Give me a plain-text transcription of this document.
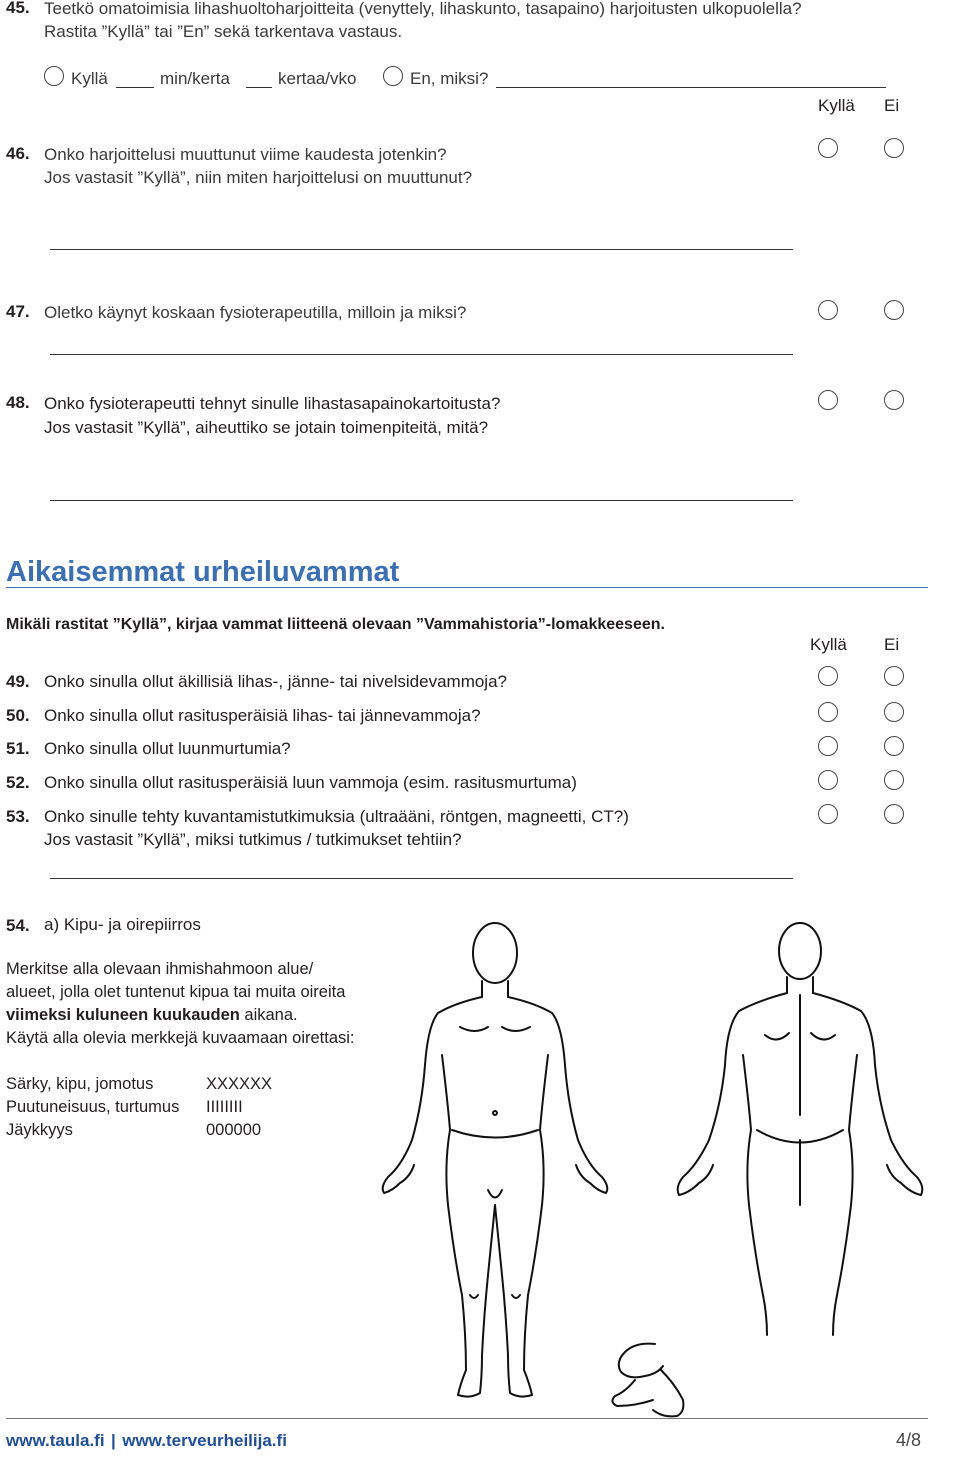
45. Teetkö omatoimisia lihashuoltoharjoitteita (venyttely, lihaskunto, tasapaino) harjoitusten ulkopuolella?
Rastita ”Kyllä” tai ”En” sekä tarkentava vastaus.
Kyllä	min/kerta	kertaa/vko	En, miksi?
Kyllä Ei
46. Onko harjoittelusi muuttunut viime kaudesta jotenkin?
Jos vastasit ”Kyllä”, niin miten harjoittelusi on muuttunut?
47. Oletko käynyt koskaan fysioterapeutilla, milloin ja miksi?
48. Onko fysioterapeutti tehnyt sinulle lihastasapainokartoitusta?
Jos vastasit ”Kyllä”, aiheuttiko se jotain toimenpiteitä, mitä?
Aikaisemmat urheiluvammat
Mikäli rastitat ”Kyllä”, kirjaa vammat liitteenä olevaan ”Vammahistoria”-lomakkeeseen.
Kyllä Ei
49. Onko sinulla ollut äkillisiä lihas-, jänne- tai nivelsidevammoja?
50. Onko sinulla ollut rasitusperäisiä lihas- tai jännevammoja?
51. Onko sinulla ollut luunmurtumia?
52. Onko sinulla ollut rasitusperäisiä luun vammoja (esim. rasitusmurtuma)
53. Onko sinulle tehty kuvantamistutkimuksia (ultraääni, röntgen, magneetti, CT?)
Jos vastasit ”Kyllä”, miksi tutkimus / tutkimukset tehtiin?
54. a) Kipu- ja oirepiirros
Merkitse alla olevaan ihmishahmoon alue/
alueet, jolla olet tuntenut kipua tai muita oireita
viimeksi kuluneen kuukauden aikana.
Käytä alla olevia merkkejä kuvaamaan oirettasi:
Särky, kipu, jomotus	XXXXXX
Puutuneisuus, turtumus IIIIIIII
Jäykkyys	000000
www.taula.fi | www.terveurheilija.fi	4/8
